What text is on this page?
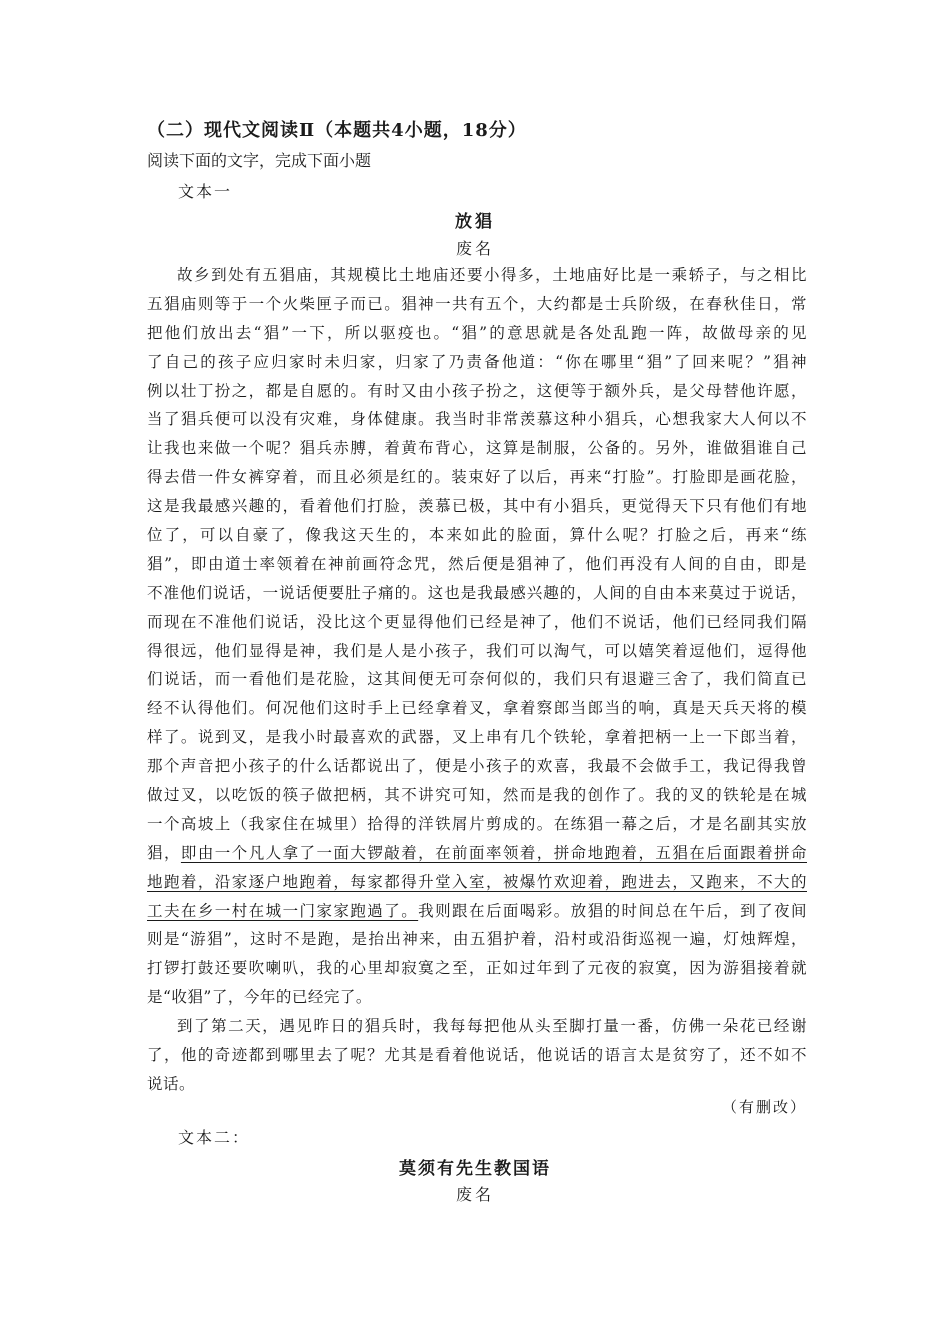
（二）现代文阅读Ⅱ（本题共4小题，18分）
阅读下面的文字，完成下面小题
文本一
放猖
废名
故乡到处有五猖庙，其规模比土地庙还要小得多，土地庙好比是一乘轿子，与之相比
五猖庙则等于一个火柴匣子而已。猖神一共有五个，大约都是士兵阶级，在春秋佳日，常
把他们放出去“猖”一下，所以驱疫也。“猖”的意思就是各处乱跑一阵，故做母亲的见
了自己的孩子应归家时未归家，归家了乃责备他道：“你在哪里“猖”了回来呢？”猖神
例以壮丁扮之，都是自愿的。有时又由小孩子扮之，这便等于额外兵，是父母替他许愿，
当了猖兵便可以没有灾难，身体健康。我当时非常羡慕这种小猖兵，心想我家大人何以不
让我也来做一个呢？猖兵赤膊，着黄布背心，这算是制服，公备的。另外，谁做猖谁自己
得去借一件女裤穿着，而且必须是红的。装束好了以后，再来“打脸”。打脸即是画花脸，
这是我最感兴趣的，看着他们打脸，羡慕已极，其中有小猖兵，更觉得天下只有他们有地
位了，可以自豪了，像我这天生的，本来如此的脸面，算什么呢？打脸之后，再来“练
猖”，即由道士率领着在神前画符念咒，然后便是猖神了，他们再没有人间的自由，即是
不准他们说话，一说话便要肚子痛的。这也是我最感兴趣的，人间的自由本来莫过于说话，
而现在不准他们说话，没比这个更显得他们已经是神了，他们不说话，他们已经同我们隔
得很远，他们显得是神，我们是人是小孩子，我们可以淘气，可以嬉笑着逗他们，逗得他
们说话，而一看他们是花脸，这其间便无可奈何似的，我们只有退避三舍了，我们简直已
经不认得他们。何况他们这时手上已经拿着叉，拿着察郎当郎当的响，真是天兵天将的模
样了。说到叉，是我小时最喜欢的武器，叉上串有几个铁轮，拿着把柄一上一下郎当着，
那个声音把小孩子的什么话都说出了，便是小孩子的欢喜，我最不会做手工，我记得我曾
做过叉，以吃饭的筷子做把柄，其不讲究可知，然而是我的创作了。我的叉的铁轮是在城
一个高坡上（我家住在城里）拾得的洋铁屑片剪成的。在练猖一幕之后，才是名副其实放
猖，即由一个凡人拿了一面大锣敲着，在前面率领着，拼命地跑着，五猖在后面跟着拼命
地跑着，沿家逐户地跑着，每家都得升堂入室，被爆竹欢迎着，跑进去，又跑来，不大的
工夫在乡一村在城一门家家跑過了。我则跟在后面喝彩。放猖的时间总在午后，到了夜间
则是“游猖”，这时不是跑，是抬出神来，由五猖护着，沿村或沿街巡视一遍，灯烛辉煌，
打锣打鼓还要吹喇叭，我的心里却寂寞之至，正如过年到了元夜的寂寞，因为游猖接着就
是“收猖”了，今年的已经完了。
到了第二天，遇见昨日的猖兵时，我每每把他从头至脚打量一番，仿佛一朵花已经谢
了，他的奇迹都到哪里去了呢？尤其是看着他说话，他说话的语言太是贫穷了，还不如不
说话。
（有删改）
文本二：
莫须有先生教国语
废名
